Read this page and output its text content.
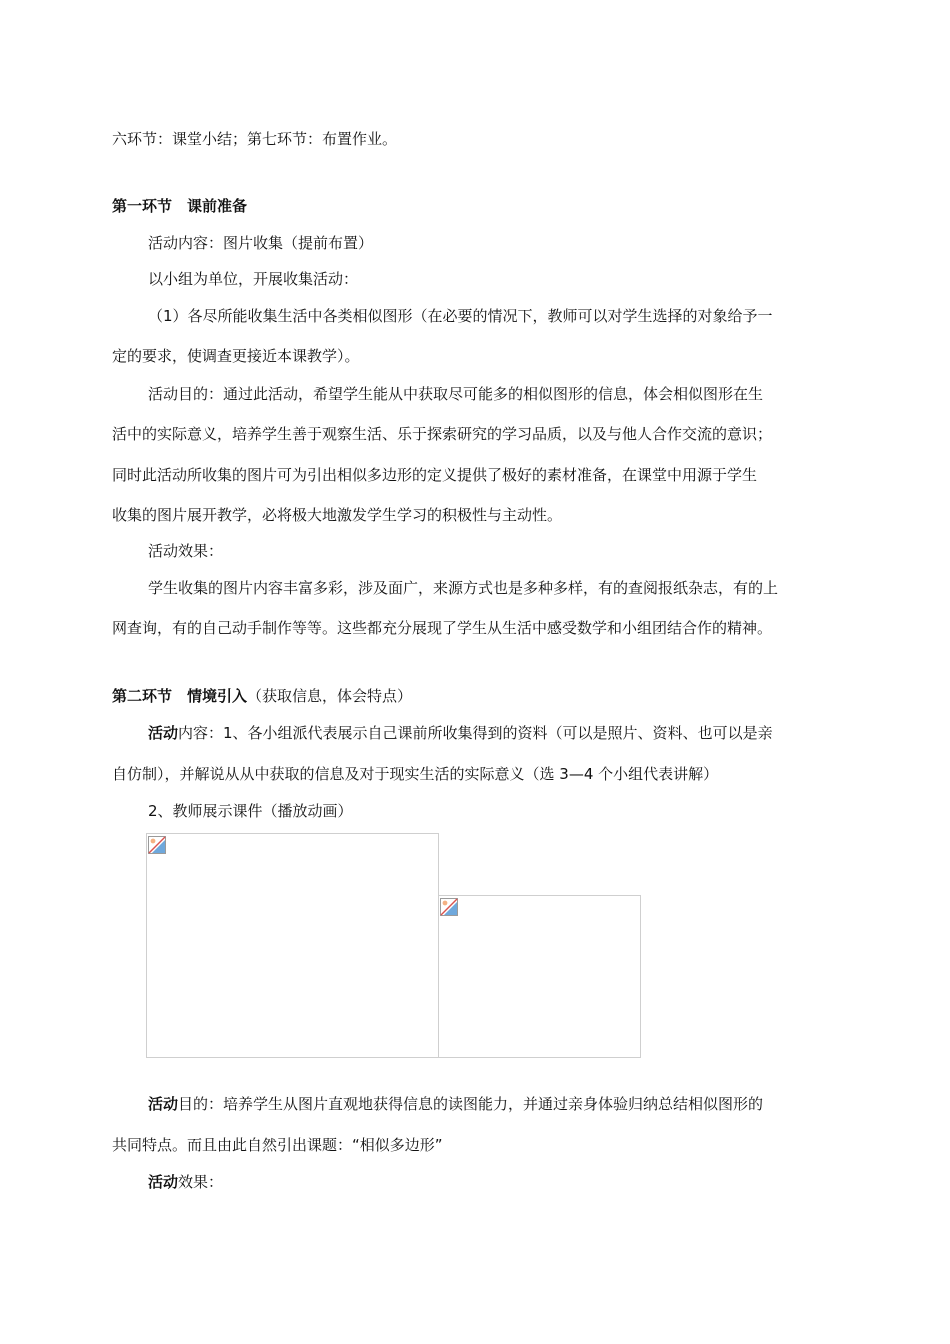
六环节：课堂小结；第七环节：布置作业。
第一环节　课前准备
活动内容：图片收集（提前布置）
以小组为单位，开展收集活动：
（1）各尽所能收集生活中各类相似图形（在必要的情况下，教师可以对学生选择的对象给予一
定的要求，使调查更接近本课教学）。
活动目的：通过此活动，希望学生能从中获取尽可能多的相似图形的信息，体会相似图形在生
活中的实际意义，培养学生善于观察生活、乐于探索研究的学习品质，以及与他人合作交流的意识；
同时此活动所收集的图片可为引出相似多边形的定义提供了极好的素材准备，在课堂中用源于学生
收集的图片展开教学，必将极大地激发学生学习的积极性与主动性。
活动效果：
学生收集的图片内容丰富多彩，涉及面广，来源方式也是多种多样，有的查阅报纸杂志，有的上
网查询，有的自己动手制作等等。这些都充分展现了学生从生活中感受数学和小组团结合作的精神。
第二环节　情境引入（获取信息，体会特点）
活动内容：1、各小组派代表展示自己课前所收集得到的资料（可以是照片、资料、也可以是亲
自仿制），并解说从从中获取的信息及对于现实生活的实际意义（选 3—4 个小组代表讲解）
2、教师展示课件（播放动画）
活动目的：培养学生从图片直观地获得信息的读图能力，并通过亲身体验归纳总结相似图形的
共同特点。而且由此自然引出课题：“相似多边形”
活动效果：
